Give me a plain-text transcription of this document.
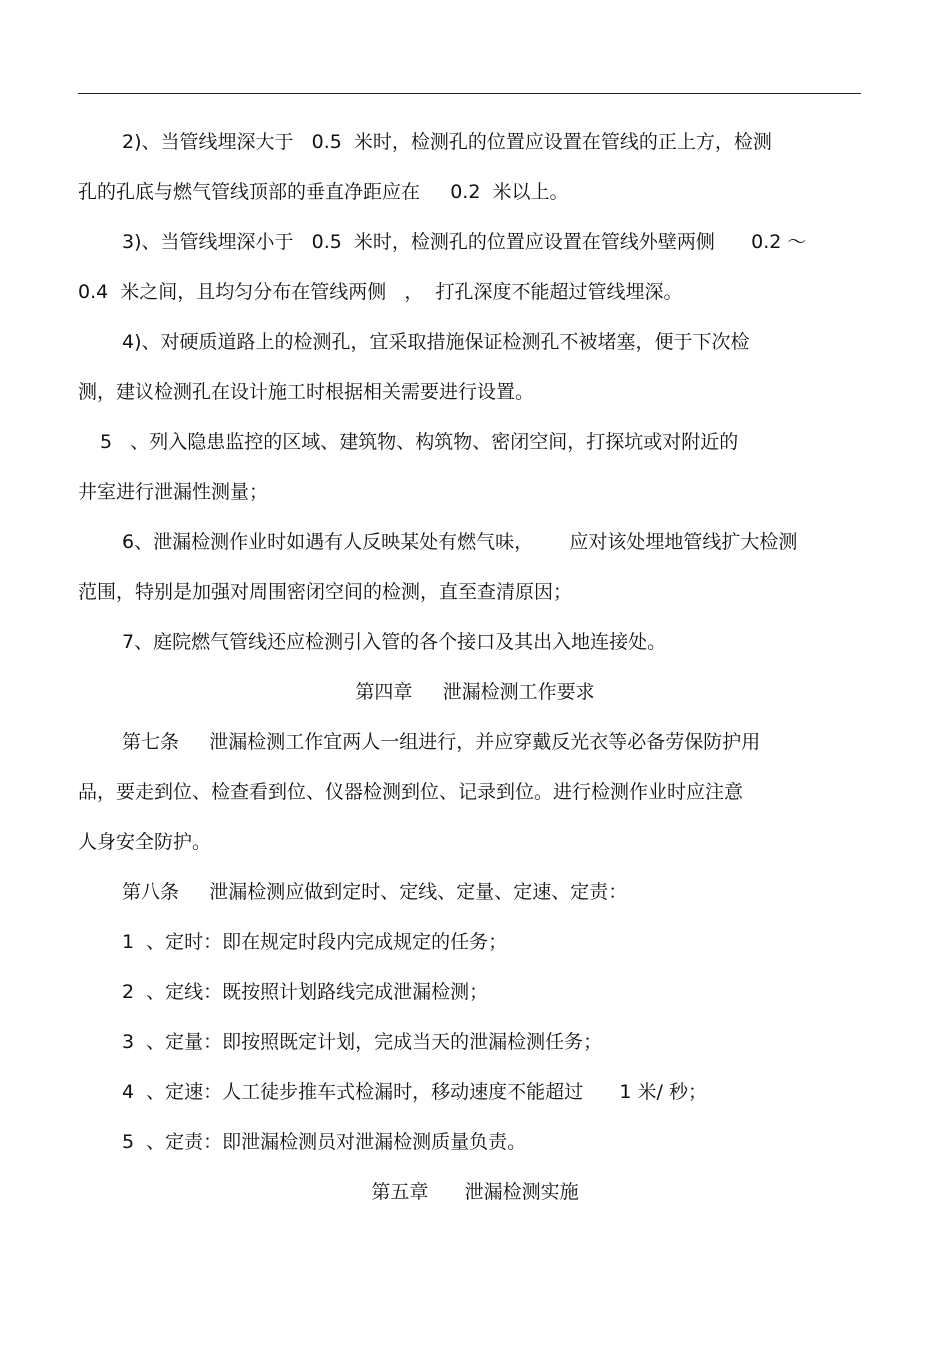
2)、当管线埋深大于   0.5  米时，检测孔的位置应设置在管线的正上方，检测
孔的孔底与燃气管线顶部的垂直净距应在     0.2  米以上。
3)、当管线埋深小于   0.5  米时，检测孔的位置应设置在管线外壁两侧      0.2 ～
0.4  米之间，且均匀分布在管线两侧   ，  打孔深度不能超过管线埋深。
4)、对硬质道路上的检测孔，宜采取措施保证检测孔不被堵塞，便于下次检
测，建议检测孔在设计施工时根据相关需要进行设置。
5   、列入隐患监控的区域、建筑物、构筑物、密闭空间，打探坑或对附近的
井室进行泄漏性测量；
6、泄漏检测作业时如遇有人反映某处有燃气味，      应对该处埋地管线扩大检测
范围，特别是加强对周围密闭空间的检测，直至查清原因；
7、庭院燃气管线还应检测引入管的各个接口及其出入地连接处。
第四章     泄漏检测工作要求
第七条     泄漏检测工作宜两人一组进行，并应穿戴反光衣等必备劳保防护用
品，要走到位、检查看到位、仪器检测到位、记录到位。进行检测作业时应注意
人身安全防护。
第八条     泄漏检测应做到定时、定线、定量、定速、定责：
1  、定时：即在规定时段内完成规定的任务；
2  、定线：既按照计划路线完成泄漏检测；
3  、定量：即按照既定计划，完成当天的泄漏检测任务；
4  、定速：人工徒步推车式检漏时，移动速度不能超过      1 米/ 秒；
5  、定责：即泄漏检测员对泄漏检测质量负责。
第五章      泄漏检测实施
